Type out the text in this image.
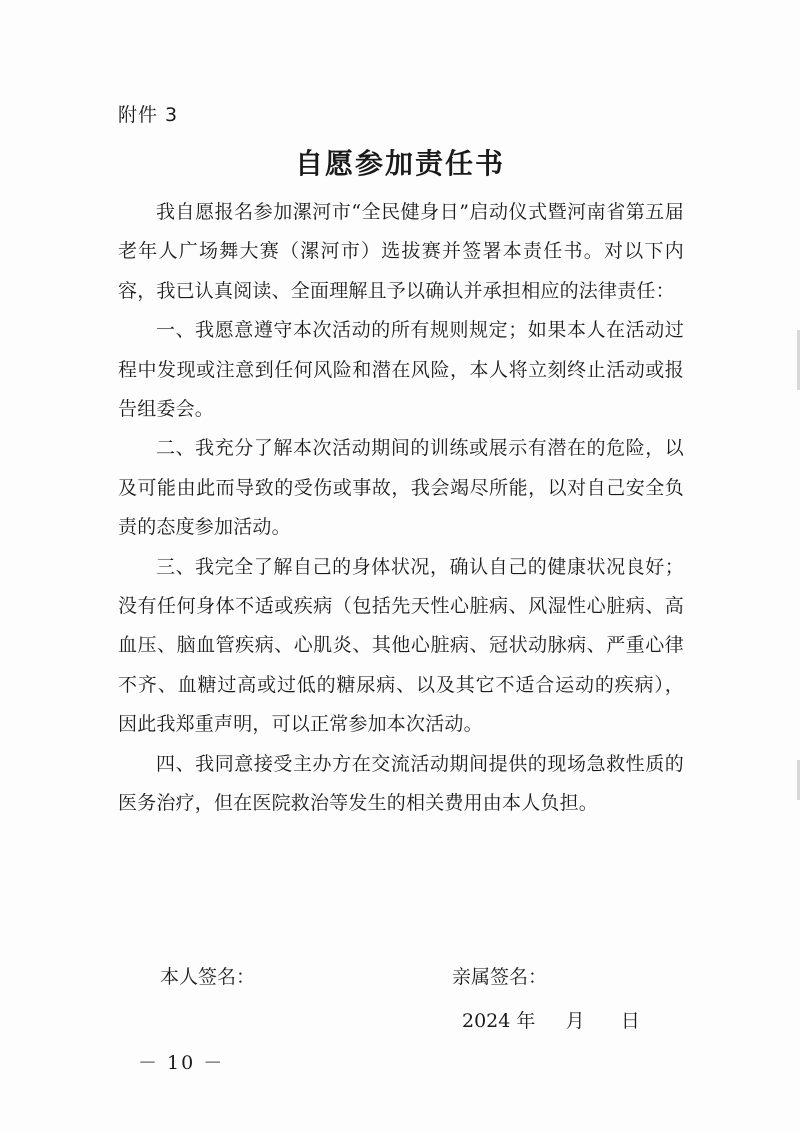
附件 3
自愿参加责任书

我自愿报名参加漯河市“全民健身日”启动仪式暨河南省第五届老年人广场舞大赛（漯河市）选拔赛并签署本责任书。对以下内容，我已认真阅读、全面理解且予以确认并承担相应的法律责任：

一、我愿意遵守本次活动的所有规则规定；如果本人在活动过程中发现或注意到任何风险和潜在风险，本人将立刻终止活动或报告组委会。

二、我充分了解本次活动期间的训练或展示有潜在的危险，以及可能由此而导致的受伤或事故，我会竭尽所能，以对自己安全负责的态度参加活动。

三、我完全了解自己的身体状况，确认自己的健康状况良好；没有任何身体不适或疾病（包括先天性心脏病、风湿性心脏病、高血压、脑血管疾病、心肌炎、其他心脏病、冠状动脉病、严重心律不齐、血糖过高或过低的糖尿病、以及其它不适合运动的疾病），因此我郑重声明，可以正常参加本次活动。

四、我同意接受主办方在交流活动期间提供的现场急救性质的医务治疗，但在医院救治等发生的相关费用由本人负担。

本人签名：	亲属签名：
2024 年     月      日
－ 10 －
